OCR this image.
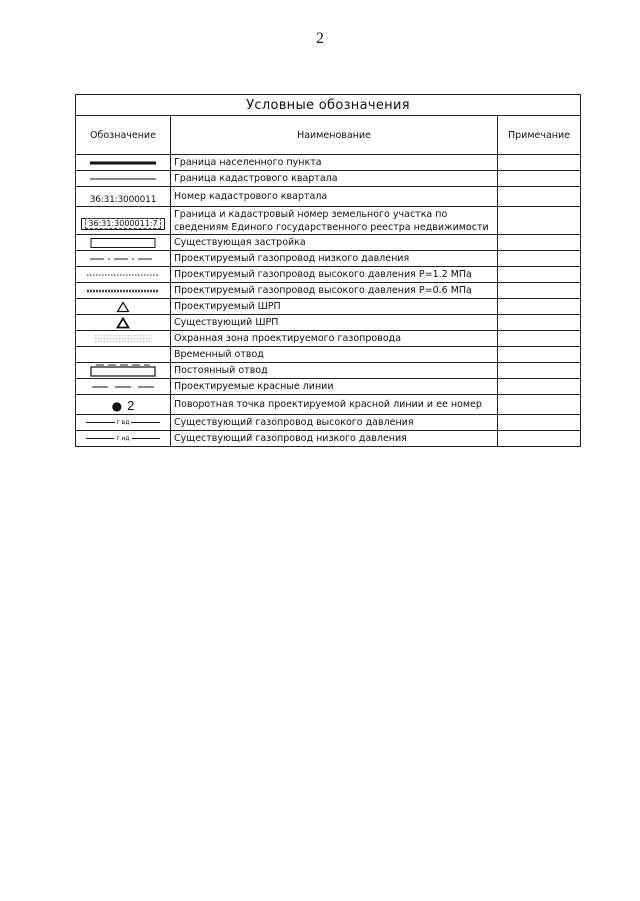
2
Условные обозначения		
Обозначение	Наименование	Примечание

	Граница населенного пункта	

	Граница кадастрового квартала	
36:31:3000011	Номер кадастрового квартала	
36:31:3000011:7	Граница и кадастровый номер земельного участка по
сведениям Единого государственного реестра недвижимости	

	Существующая застройка	

	Проектируемый газопровод низкого давления	

	Проектируемый газопровод высокого давления P=1.2 МПа	

	Проектируемый газопровод высокого давления P=0.6 МПа	

	Проектируемый ШРП	

	Существующий ШРП	

	Охранная зона проектируемого газопровода	
	Временный отвод	

	Постоянный отвод	

	Проектируемые красные линии	
● 2	Поворотная точка проектируемой красной линии и ее номер	

г вд	Существующий газопровод высокого давления	

г нд	Существующий газопровод низкого давления	
